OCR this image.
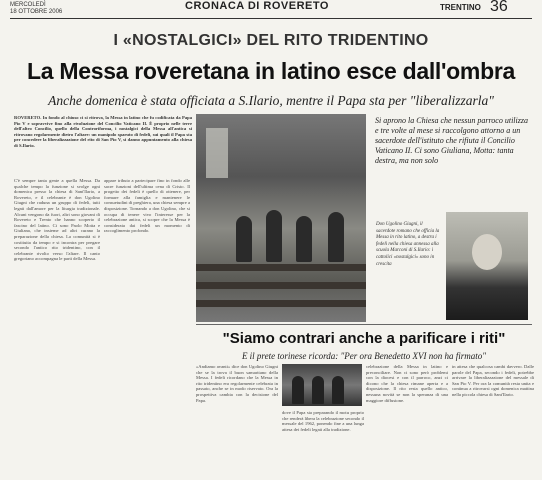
MERCOLEDÌ
18 OTTOBRE 2006	CRONACA DI ROVERETO	TRENTINO 36
I «NOSTALGICI» DEL RITO TRIDENTINO
La Messa roveretana in latino esce dall'ombra
Anche domenica è stata officiata a S.Ilario, mentre il Papa sta per "liberalizzarla"
ROVERETO. In fondo al chiuso ci si ritrova, la Messa in latino che fu codificata da Papa Pio V e sopravvive fino alla rivoluzione del Concilio Vaticano II. È proprio nelle terre dell'altro Concilio, quello della Controriforma, i nostalgici della Messa all'antica si ritrovano regolarmente dietro l'altare: un manipolo sparuto di fedeli, sui quali il Papa sta per concedere la liberalizzazione del rito di San Pio V, si danno appuntamento alla chiesa di S.Ilario.
C'è sempre tanta gente a quella Messa. Da qualche tempo la funzione si svolge ogni domenica presso la chiesa di Sant'Ilario, a Rovereto, e il celebrante è don Ugolino Giugni che raduna un gruppo di fedeli, tutti legati dall'amore per la liturgia tradizionale. Alcuni vengono da fuori, altri sono giovani di Rovereto e Trento che hanno scoperto il fascino del latino. Ci sono Paolo Motta e Giuliana, che insieme ad altri curano la preparazione della chiesa. La comunità si è costituita da tempo e si incontra per pregare secondo l'antico rito tridentino, con il celebrante rivolto verso l'altare. Il canto gregoriano accompagna le parti della Messa.
appare tributo a partecipare fino in fondo alle sacre funzioni dell'ultima cena di Cristo. Il progetto dei fedeli è quello di ottenere, per formare alla famiglia e mantenere le consuetudini di preghiera, una chiesa sempre a disposizione. Tornando a don Ugolino, che si occupa di tenere vivo l'interesse per la celebrazione antica, si scopre che la Messa è considerata dai fedeli un momento di raccoglimento profondo.
Si aprono la Chiesa che nessun parroco utilizza e tre volte al mese si raccolgono attorno a un sacerdote dell'istituto che rifiuta il Concilio Vaticano II. Ci sono Giuliana, Motta: tanta destra, ma non solo
Don Ugolino Giugni, il sacerdote romano che officia la Messa in rito latino, a destra i fedeli nella chiesa annessa alla scuola Marconi di S.Ilario: i cattolici «nostalgici» sono in crescita
"Siamo contrari anche a parificare i riti"
E il prete torinese ricorda: "Per ora Benedetto XVI non ha firmato"
«Andiamo avanti» dice don Ugolino Giugni che se la trova il buon samaritano della Messa. I fedeli ricordano che la Messa in rito tridentino era regolarmente celebrata in passato, anche se in modo riservato. Ora la prospettiva cambia con la decisione del Papa.
dove il Papa sta preparando il motu proprio che renderà libera la celebrazione secondo il messale del 1962, ponendo fine a una lunga attesa dei fedeli legati alla tradizione.
celebrazione della Messa in latino e preconciliare. Non ci sono però problemi con la diocesi e con il parroco, anzi ci dicono che la chiesa rimane aperta e a disposizione. Il rito resta quello antico, nessuna novità se non la speranza di una maggiore diffusione.
in attesa che qualcosa cambi davvero. Dalle parole del Papa, secondo i fedeli, potrebbe arrivare la liberalizzazione del messale di San Pio V. Per ora la comunità resta unita e continua a ritrovarsi ogni domenica mattina nella piccola chiesa di Sant'Ilario.
